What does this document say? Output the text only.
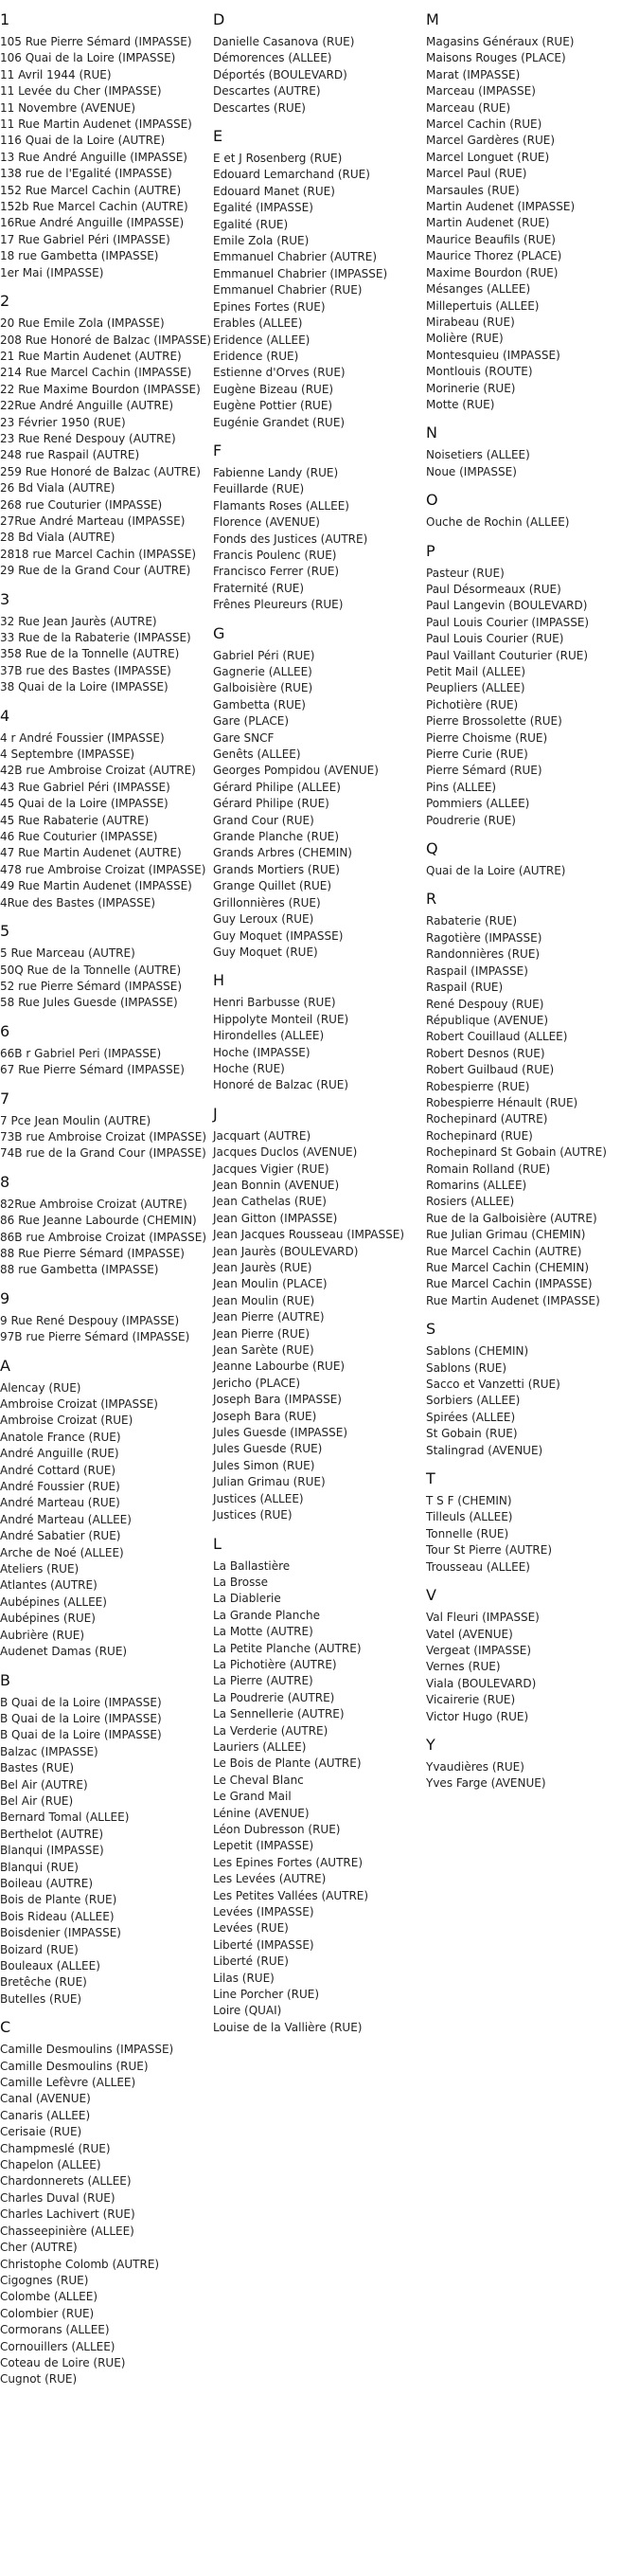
1
105 Rue Pierre Sémard (IMPASSE)
106 Quai de la Loire (IMPASSE)
11 Avril 1944 (RUE)
11 Levée du Cher (IMPASSE)
11 Novembre (AVENUE)
11 Rue Martin Audenet (IMPASSE)
116 Quai de la Loire (AUTRE)
13 Rue André Anguille (IMPASSE)
138 rue de l'Egalité (IMPASSE)
152 Rue Marcel Cachin (AUTRE)
152b Rue Marcel Cachin (AUTRE)
16Rue André Anguille (IMPASSE)
17 Rue Gabriel Péri (IMPASSE)
18 rue Gambetta (IMPASSE)
1er Mai (IMPASSE)
2
20 Rue Emile Zola (IMPASSE)
208 Rue Honoré de Balzac (IMPASSE)
21 Rue Martin Audenet (AUTRE)
214 Rue Marcel Cachin (IMPASSE)
22 Rue Maxime Bourdon (IMPASSE)
22Rue André Anguille (AUTRE)
23 Février 1950 (RUE)
23 Rue René Despouy (AUTRE)
248 rue Raspail (AUTRE)
259 Rue Honoré de Balzac (AUTRE)
26 Bd Viala (AUTRE)
268 rue Couturier (IMPASSE)
27Rue André Marteau (IMPASSE)
28 Bd Viala (AUTRE)
2818 rue Marcel Cachin (IMPASSE)
29 Rue de la Grand Cour (AUTRE)
3
32 Rue Jean Jaurès (AUTRE)
33 Rue de la Rabaterie (IMPASSE)
358 Rue de la Tonnelle (AUTRE)
37B rue des Bastes (IMPASSE)
38 Quai de la Loire (IMPASSE)
4
4 r André Foussier (IMPASSE)
4 Septembre (IMPASSE)
42B rue Ambroise Croizat (AUTRE)
43 Rue Gabriel Péri (IMPASSE)
45 Quai de la Loire (IMPASSE)
45 Rue Rabaterie (AUTRE)
46 Rue Couturier (IMPASSE)
47 Rue Martin Audenet (AUTRE)
478 rue Ambroise Croizat (IMPASSE)
49 Rue Martin Audenet (IMPASSE)
4Rue des Bastes (IMPASSE)
5
5 Rue Marceau (AUTRE)
50Q Rue de la Tonnelle (AUTRE)
52 rue Pierre Sémard (IMPASSE)
58 Rue Jules Guesde (IMPASSE)
6
66B r Gabriel Peri (IMPASSE)
67 Rue Pierre Sémard (IMPASSE)
7
7 Pce Jean Moulin (AUTRE)
73B rue Ambroise Croizat (IMPASSE)
74B rue de la Grand Cour (IMPASSE)
8
82Rue Ambroise Croizat (AUTRE)
86 Rue Jeanne Labourde (CHEMIN)
86B rue Ambroise Croizat (IMPASSE)
88 Rue Pierre Sémard (IMPASSE)
88 rue Gambetta (IMPASSE)
9
9 Rue René Despouy (IMPASSE)
97B rue Pierre Sémard (IMPASSE)
A
Alencay (RUE)
Ambroise Croizat (IMPASSE)
Ambroise Croizat (RUE)
Anatole France (RUE)
André Anguille (RUE)
André Cottard (RUE)
André Foussier (RUE)
André Marteau (RUE)
André Marteau (ALLEE)
André Sabatier (RUE)
Arche de Noé (ALLEE)
Ateliers (RUE)
Atlantes (AUTRE)
Aubépines (ALLEE)
Aubépines (RUE)
Aubrière (RUE)
Audenet Damas (RUE)
B
B Quai de la Loire (IMPASSE)
B Quai de la Loire (IMPASSE)
B Quai de la Loire (IMPASSE)
Balzac (IMPASSE)
Bastes (RUE)
Bel Air (AUTRE)
Bel Air (RUE)
Bernard Tomal (ALLEE)
Berthelot (AUTRE)
Blanqui (IMPASSE)
Blanqui (RUE)
Boileau (AUTRE)
Bois de Plante (RUE)
Bois Rideau (ALLEE)
Boisdenier (IMPASSE)
Boizard (RUE)
Bouleaux (ALLEE)
Bretêche (RUE)
Butelles (RUE)
C
Camille Desmoulins (IMPASSE)
Camille Desmoulins (RUE)
Camille Lefèvre (ALLEE)
Canal (AVENUE)
Canaris (ALLEE)
Cerisaie (RUE)
Champmeslé (RUE)
Chapelon (ALLEE)
Chardonnerets (ALLEE)
Charles Duval (RUE)
Charles Lachivert (RUE)
Chasseepinière (ALLEE)
Cher (AUTRE)
Christophe Colomb (AUTRE)
Cigognes (RUE)
Colombe (ALLEE)
Colombier (RUE)
Cormorans (ALLEE)
Cornouillers (ALLEE)
Coteau de Loire (RUE)
Cugnot (RUE)
D
Danielle Casanova (RUE)
Démorences (ALLEE)
Déportés (BOULEVARD)
Descartes (AUTRE)
Descartes (RUE)
E
E et J Rosenberg (RUE)
Edouard Lemarchand (RUE)
Edouard Manet (RUE)
Egalité (IMPASSE)
Egalité (RUE)
Emile Zola (RUE)
Emmanuel Chabrier (AUTRE)
Emmanuel Chabrier (IMPASSE)
Emmanuel Chabrier (RUE)
Epines Fortes (RUE)
Erables (ALLEE)
Eridence (ALLEE)
Eridence (RUE)
Estienne d'Orves (RUE)
Eugène Bizeau (RUE)
Eugène Pottier (RUE)
Eugénie Grandet (RUE)
F
Fabienne Landy (RUE)
Feuillarde (RUE)
Flamants Roses (ALLEE)
Florence (AVENUE)
Fonds des Justices (AUTRE)
Francis Poulenc (RUE)
Francisco Ferrer (RUE)
Fraternité (RUE)
Frênes Pleureurs (RUE)
G
Gabriel Péri (RUE)
Gagnerie (ALLEE)
Galboisière (RUE)
Gambetta (RUE)
Gare (PLACE)
Gare SNCF
Genêts (ALLEE)
Georges Pompidou (AVENUE)
Gérard Philipe (ALLEE)
Gérard Philipe (RUE)
Grand Cour (RUE)
Grande Planche (RUE)
Grands Arbres (CHEMIN)
Grands Mortiers (RUE)
Grange Quillet (RUE)
Grillonnières (RUE)
Guy Leroux (RUE)
Guy Moquet (IMPASSE)
Guy Moquet (RUE)
H
Henri Barbusse (RUE)
Hippolyte Monteil (RUE)
Hirondelles (ALLEE)
Hoche (IMPASSE)
Hoche (RUE)
Honoré de Balzac (RUE)
J
Jacquart (AUTRE)
Jacques Duclos (AVENUE)
Jacques Vigier (RUE)
Jean Bonnin (AVENUE)
Jean Cathelas (RUE)
Jean Gitton (IMPASSE)
Jean Jacques Rousseau (IMPASSE)
Jean Jaurès (BOULEVARD)
Jean Jaurès (RUE)
Jean Moulin (PLACE)
Jean Moulin (RUE)
Jean Pierre (AUTRE)
Jean Pierre (RUE)
Jean Sarète (RUE)
Jeanne Labourbe (RUE)
Jericho (PLACE)
Joseph Bara (IMPASSE)
Joseph Bara (RUE)
Jules Guesde (IMPASSE)
Jules Guesde (RUE)
Jules Simon (RUE)
Julian Grimau (RUE)
Justices (ALLEE)
Justices (RUE)
L
La Ballastière
La Brosse
La Diablerie
La Grande Planche
La Motte (AUTRE)
La Petite Planche (AUTRE)
La Pichotière (AUTRE)
La Pierre (AUTRE)
La Poudrerie (AUTRE)
La Sennellerie (AUTRE)
La Verderie (AUTRE)
Lauriers (ALLEE)
Le Bois de Plante (AUTRE)
Le Cheval Blanc
Le Grand Mail
Lénine (AVENUE)
Léon Dubresson (RUE)
Lepetit (IMPASSE)
Les Epines Fortes (AUTRE)
Les Levées (AUTRE)
Les Petites Vallées (AUTRE)
Levées (IMPASSE)
Levées (RUE)
Liberté (IMPASSE)
Liberté (RUE)
Lilas (RUE)
Line Porcher (RUE)
Loire (QUAI)
Louise de la Vallière (RUE)
M
Magasins Généraux (RUE)
Maisons Rouges (PLACE)
Marat (IMPASSE)
Marceau (IMPASSE)
Marceau (RUE)
Marcel Cachin (RUE)
Marcel Gardères (RUE)
Marcel Longuet (RUE)
Marcel Paul (RUE)
Marsaules (RUE)
Martin Audenet (IMPASSE)
Martin Audenet (RUE)
Maurice Beaufils (RUE)
Maurice Thorez (PLACE)
Maxime Bourdon (RUE)
Mésanges (ALLEE)
Millepertuis (ALLEE)
Mirabeau (RUE)
Molière (RUE)
Montesquieu (IMPASSE)
Montlouis (ROUTE)
Morinerie (RUE)
Motte (RUE)
N
Noisetiers (ALLEE)
Noue (IMPASSE)
O
Ouche de Rochin (ALLEE)
P
Pasteur (RUE)
Paul Désormeaux (RUE)
Paul Langevin (BOULEVARD)
Paul Louis Courier (IMPASSE)
Paul Louis Courier (RUE)
Paul Vaillant Couturier (RUE)
Petit Mail (ALLEE)
Peupliers (ALLEE)
Pichotière (RUE)
Pierre Brossolette (RUE)
Pierre Choisme (RUE)
Pierre Curie (RUE)
Pierre Sémard (RUE)
Pins (ALLEE)
Pommiers (ALLEE)
Poudrerie (RUE)
Q
Quai de la Loire (AUTRE)
R
Rabaterie (RUE)
Ragotière (IMPASSE)
Randonnières (RUE)
Raspail (IMPASSE)
Raspail (RUE)
René Despouy (RUE)
République (AVENUE)
Robert Couillaud (ALLEE)
Robert Desnos (RUE)
Robert Guilbaud (RUE)
Robespierre (RUE)
Robespierre Hénault (RUE)
Rochepinard (AUTRE)
Rochepinard (RUE)
Rochepinard St Gobain (AUTRE)
Romain Rolland (RUE)
Romarins (ALLEE)
Rosiers (ALLEE)
Rue de la Galboisière (AUTRE)
Rue Julian Grimau (CHEMIN)
Rue Marcel Cachin (AUTRE)
Rue Marcel Cachin (CHEMIN)
Rue Marcel Cachin (IMPASSE)
Rue Martin Audenet (IMPASSE)
S
Sablons (CHEMIN)
Sablons (RUE)
Sacco et Vanzetti (RUE)
Sorbiers (ALLEE)
Spirées (ALLEE)
St Gobain (RUE)
Stalingrad (AVENUE)
T
T S F (CHEMIN)
Tilleuls (ALLEE)
Tonnelle (RUE)
Tour St Pierre (AUTRE)
Trousseau (ALLEE)
V
Val Fleuri (IMPASSE)
Vatel (AVENUE)
Vergeat (IMPASSE)
Vernes (RUE)
Viala (BOULEVARD)
Vicairerie (RUE)
Victor Hugo (RUE)
Y
Yvaudières (RUE)
Yves Farge (AVENUE)
